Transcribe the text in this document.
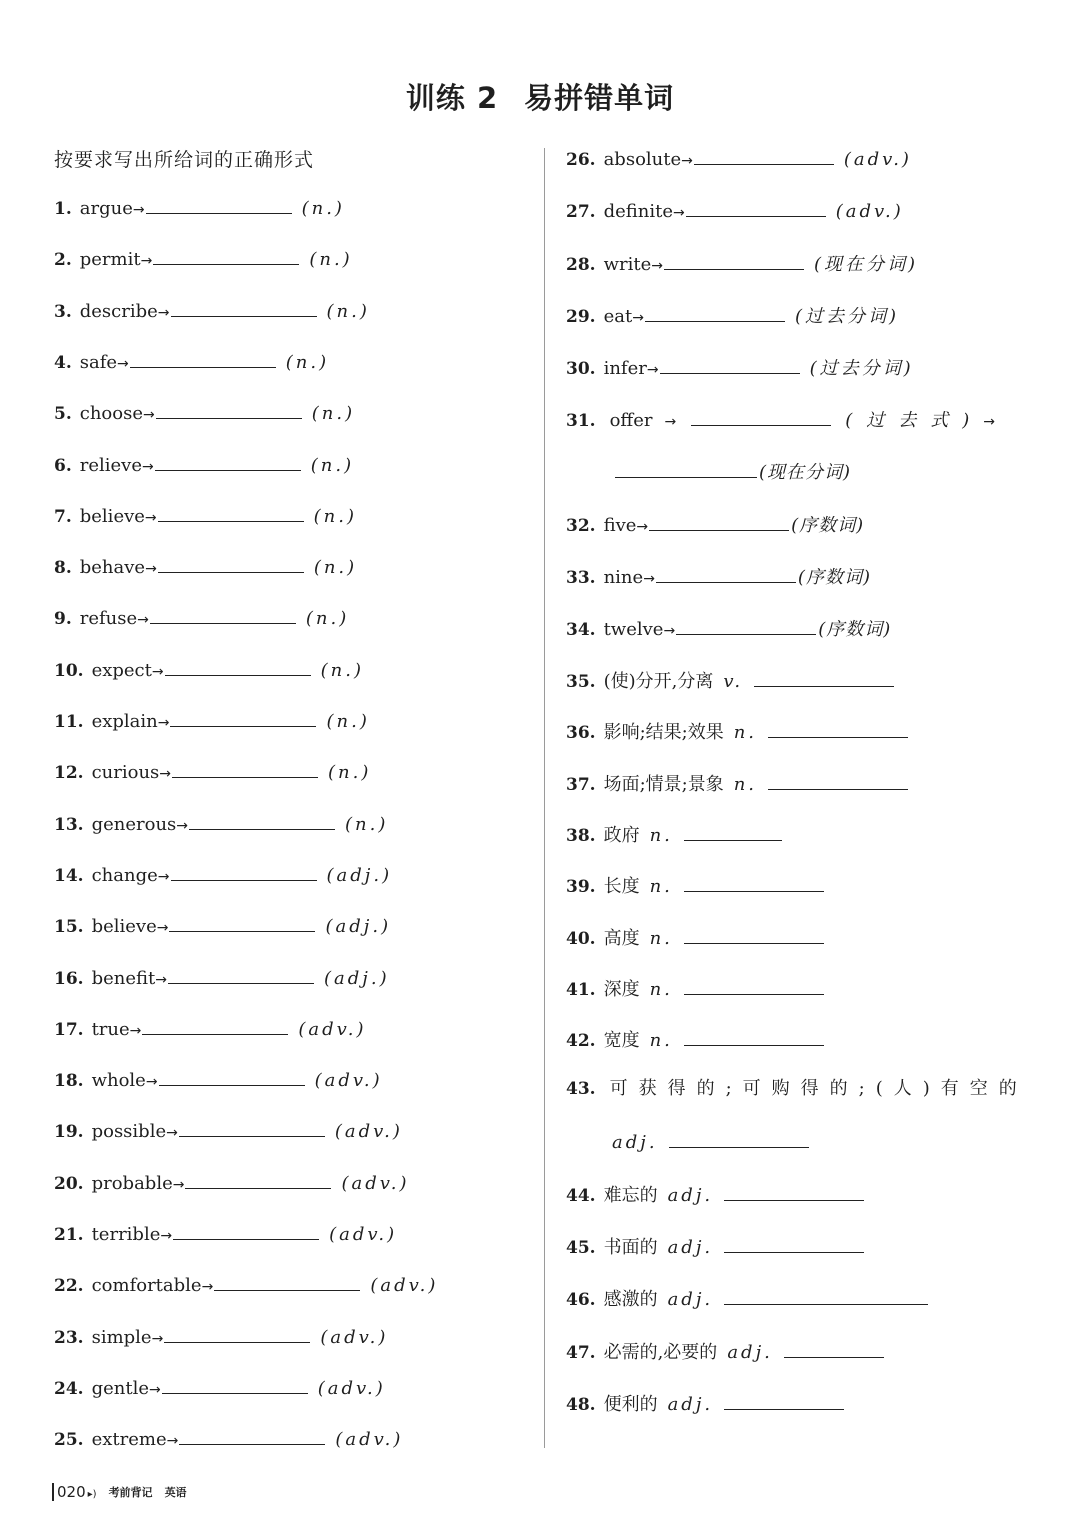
训练 2 易拼错单词
按要求写出所给词的正确形式
1. argue→	(n.)
2. permit→	(n.)
3. describe→	(n.)
4. safe→	(n.)
5. choose→	(n.)
6. relieve→	(n.)
7. believe→	(n.)
8. behave→	(n.)
9. refuse→	(n.)
10. expect→	(n.)
11. explain→	(n.)
12. curious→	(n.)
13. generous→	(n.)
14. change→	(adj.)
15. believe→	(adj.)
16. benefit→	(adj.)
17. true→	(adv.)
18. whole→	(adv.)
19. possible→	(adv.)
20. probable→	(adv.)
21. terrible→	(adv.)
22. comfortable→	(adv.)
23. simple→	(adv.)
24. gentle→	(adv.)
25. extreme→	(adv.)
26. absolute→	(adv.)
27. definite→	(adv.)
28. write→	(现在分词)
29. eat→	(过去分词)
30. infer→	(过去分词)
31. offer →	(过去式)→
(现在分词)
32. five→	(序数词)
33. nine→	(序数词)
34. twelve→	(序数词)
35. (使)分开,分离 v.
36. 影响;结果;效果 n.
37. 场面;情景;景象 n.
38. 政府 n.
39. 长度 n.
40. 高度 n.
41. 深度 n.
42. 宽度 n.
43. 可获得的;可购得的;(人)有空的
adj.
44. 难忘的 adj.
45. 书面的 adj.
46. 感激的 adj.
47. 必需的,必要的 adj.
48. 便利的 adj.
020 ▸) 考前背记 英语
